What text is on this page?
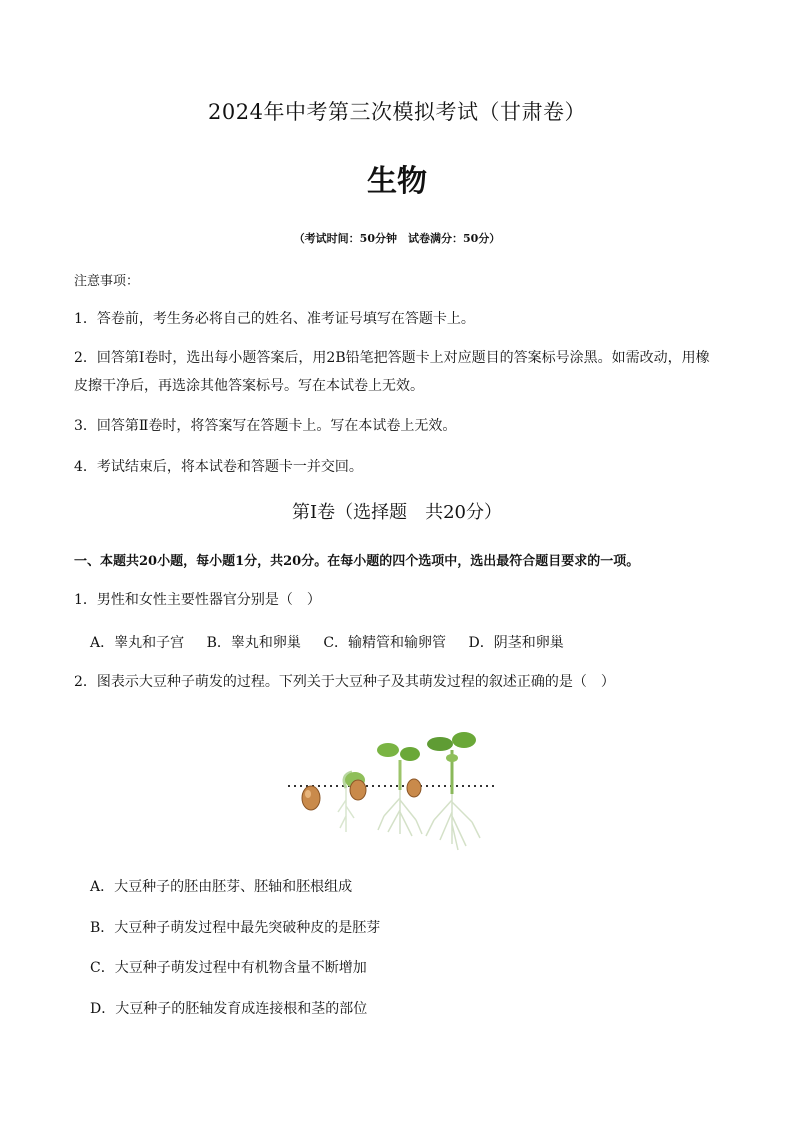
2024年中考第三次模拟考试（甘肃卷）
生物
（考试时间：50分钟　试卷满分：50分）
注意事项：
1．答卷前，考生务必将自己的姓名、准考证号填写在答题卡上。
2．回答第Ⅰ卷时，选出每小题答案后，用2B铅笔把答题卡上对应题目的答案标号涂黑。如需改动，用橡皮擦干净后，再选涂其他答案标号。写在本试卷上无效。
3．回答第Ⅱ卷时，将答案写在答题卡上。写在本试卷上无效。
4．考试结束后，将本试卷和答题卡一并交回。
第Ⅰ卷（选择题　共20分）
一、本题共20小题，每小题1分，共20分。在每小题的四个选项中，选出最符合题目要求的一项。
1．男性和女性主要性器官分别是（　）
A．睾丸和子宫 B．睾丸和卵巢 C．输精管和输卵管 D．阴茎和卵巢
2．图表示大豆种子萌发的过程。下列关于大豆种子及其萌发过程的叙述正确的是（　）
A．大豆种子的胚由胚芽、胚轴和胚根组成
B．大豆种子萌发过程中最先突破种皮的是胚芽
C．大豆种子萌发过程中有机物含量不断增加
D．大豆种子的胚轴发育成连接根和茎的部位
